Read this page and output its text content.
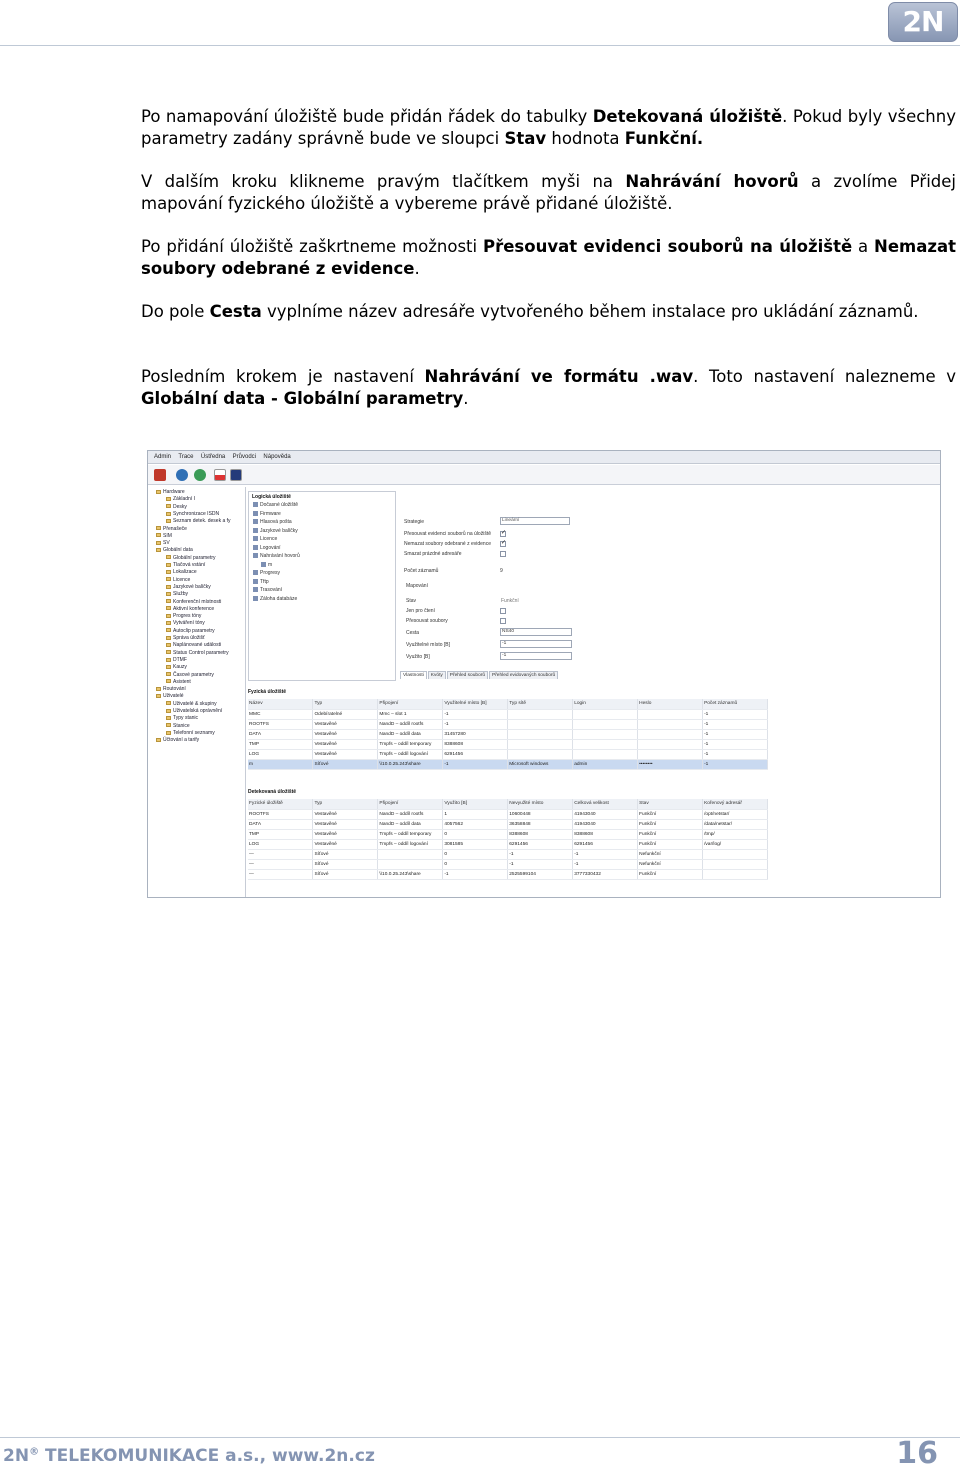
2N

Po namapování úložiště bude přidán řádek do tabulky Detekovaná úložiště. Pokud byly všechny parametry zadány správně bude ve sloupci Stav hodnota Funkční.

V dalším kroku klikneme pravým tlačítkem myši na Nahrávání hovorů a zvolíme Přidej mapování fyzického úložiště a vybereme právě přidané úložiště.

Po přidání úložiště zaškrtneme možnosti Přesouvat evidenci souborů na úložiště a Nemazat soubory odebrané z evidence.

Do pole Cesta vyplníme název adresáře vytvořeného během instalace pro ukládání záznamů.

Posledním krokem je nastavení Nahrávání ve formátu .wav. Toto nastavení nalezneme v Globální data - Globální parametry.

Admin Trace Ústředna Průvodci Nápověda
Hardware
Základní I
Desky
Synchronizace ISDN
Seznam detek. desek a fy
Přenašeče
SIM
SV
Globální data
Globální parametry
Tlačová vstání
Lokalizace
Licence
Jazykové balíčky
Služby
Konferenční místnosti
Aktivní konference
Progres tóny
Vytváření tóny
Autoclip parametry
Správa úložišť
Naplánované události
Status Control parametry
DTMF
Kauzy
Časové parametry
Asistent
Routování
Uživatelé
Uživatelé & skupiny
Uživatelská oprávnění
Typy stanic
Stanice
Telefonní seznamy
Účtování a tarify
Logická úložiště
Dočasné úložiště
Firmware
Hlasová pošta
Jazykové balíčky
Licence
Logování
Nahrávání hovorů
m
Progresy
Tftp
Trasování
Záloha databáze
Strategie	Lineární
Přesouvat evidenci souborů na úložiště
✓
Nemazat soubory odebrané z evidence
✓
Smazat prázdné adresáře
Počet záznamů	9
Mapování
Stav	Funkční
Jen pro čtení
Přesouvat soubory
Cesta	NS40
Využitelné místo [B]	-1
Využito [B]	-1
Vlastnosti Kvóty Přehled souborů Přehled evidovaných souborů
Fyzická úložiště
Název	Typ	Připojení	Využitelné místo [B]	Typ sítě	Login	Heslo	Počet záznamů
MMC	Odebíratelné	Mmc – slot 1	-1				-1
ROOTFS	Vestavěné	NandD – oddíl rootfs	-1				-1
DATA	Vestavěné	NandD – oddíl data	31457280				-1
TMP	Vestavěné	Tmpfs – oddíl temporary	8388608				-1
LOG	Vestavěné	Tmpfs – oddíl logování	6291456				-1
m	Síťové	\\10.0.25.243\share	-1	Microsoft windows	admin	••••••••	-1
Detekovaná úložiště
Fyzické úložiště	Typ	Připojení	Využito [B]	Nevyužité místo	Celková velikost	Stav	Kořenový adresář
ROOTFS	Vestavěné	NandD – oddíl rootfs	1	10600448	41943040	Funkční	/opt/netstar/
DATA	Vestavěné	NandD – oddíl data	4057562	36358848	41943040	Funkční	/data/netstar/
TMP	Vestavěné	Tmpfs – oddíl temporary	0	8388608	8388608	Funkční	/tmp/
LOG	Vestavěné	Tmpfs – oddíl logování	3081585	6291456	6291456	Funkční	/var/log/
—	Síťové		0	-1	-1	Nefunkční	
—	Síťové		0	-1	-1	Nefunkční	
—	Síťové	\\10.0.25.243\share	-1	2525599104	3777330432	Funkční	
2N® TELEKOMUNIKACE a.s., www.2n.cz	16
